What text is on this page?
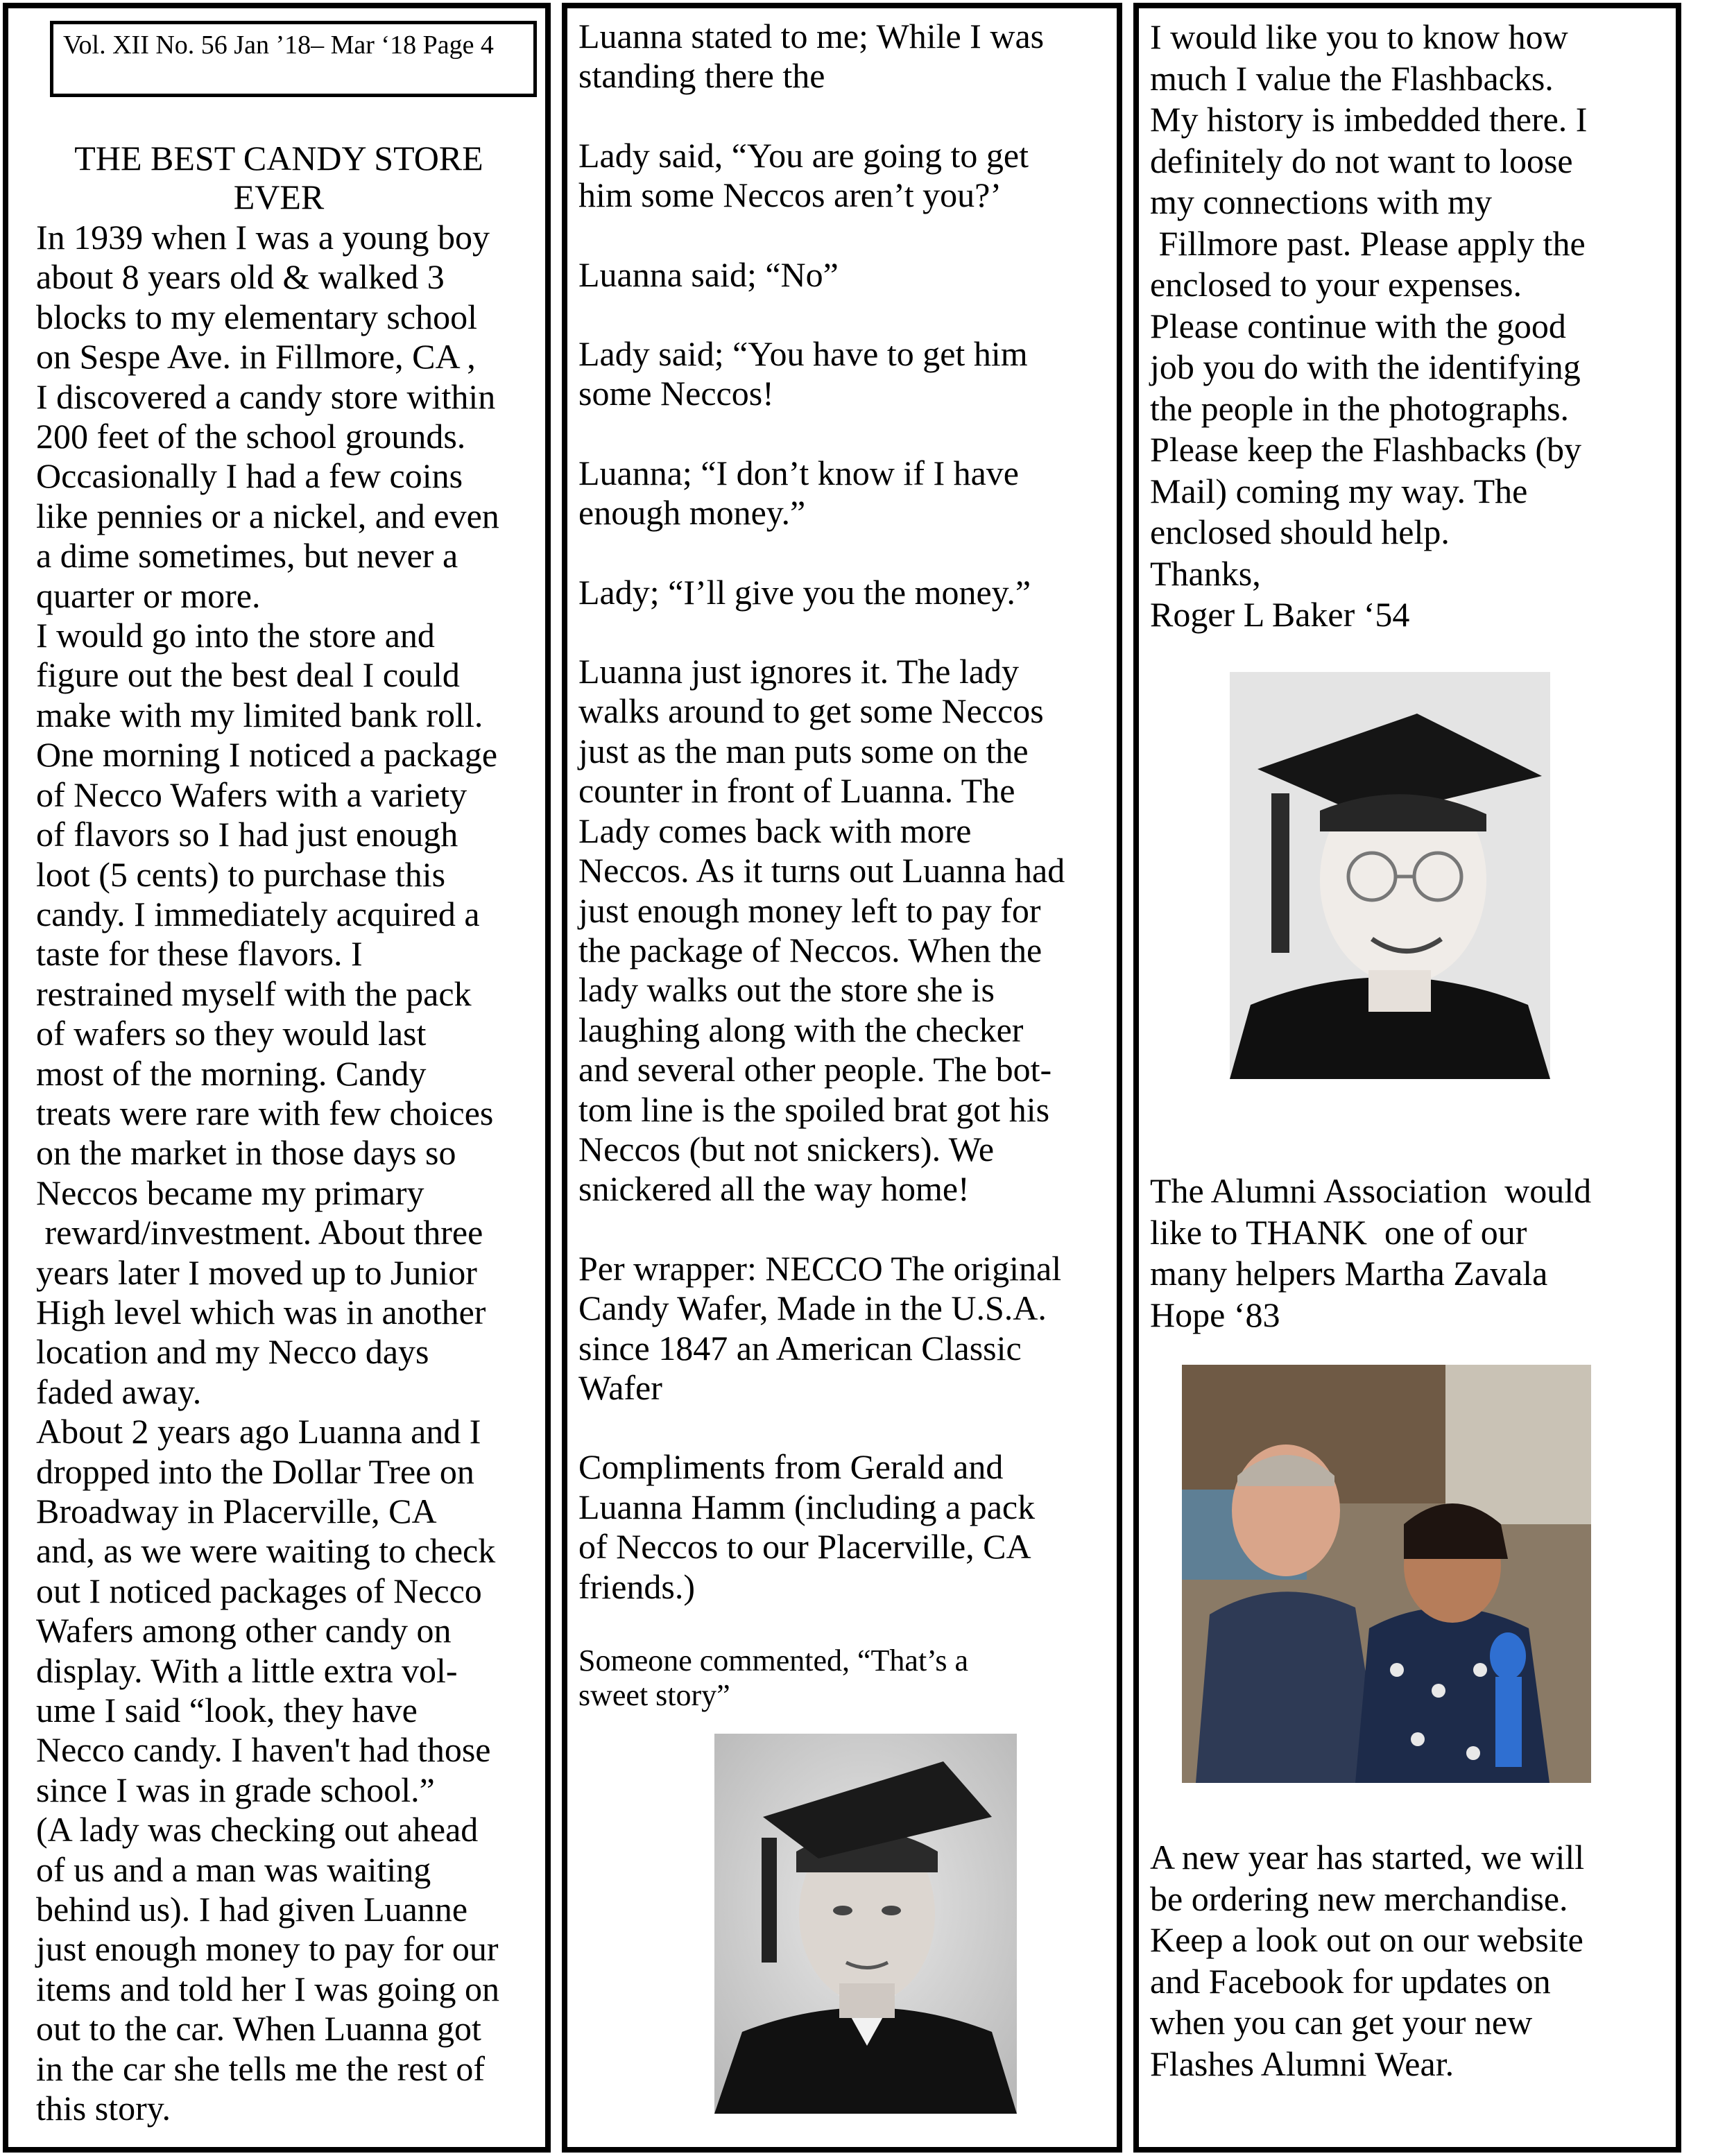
Vol. XII No. 56 Jan ’18– Mar ‘18 Page 4
THE BEST CANDY STORE
EVER
In 1939 when I was a young boy
about 8 years old & walked 3
blocks to my elementary school
on Sespe Ave. in Fillmore, CA ,
I discovered a candy store within
200 feet of the school grounds.
Occasionally I had a few coins
like pennies or a nickel, and even
a dime sometimes, but never a
quarter or more.
I would go into the store and
figure out the best deal I could
make with my limited bank roll.
One morning I noticed a package
of Necco Wafers with a variety
of flavors so I had just enough
loot (5 cents) to purchase this
candy. I immediately acquired a
taste for these flavors. I
restrained myself with the pack
of wafers so they would last
most of the morning. Candy
treats were rare with few choices
on the market in those days so
Neccos became my primary
reward/investment. About three
years later I moved up to Junior
High level which was in another
location and my Necco days
faded away.
About 2 years ago Luanna and I
dropped into the Dollar Tree on
Broadway in Placerville, CA
and, as we were waiting to check
out I noticed packages of Necco
Wafers among other candy on
display. With a little extra vol-
ume I said “look, they have
Necco candy. I haven't had those
since I was in grade school.”
(A lady was checking out ahead
of us and a man was waiting
behind us). I had given Luanne
just enough money to pay for our
items and told her I was going on
out to the car. When Luanna got
in the car she tells me the rest of
this story.

Luanna stated to me; While I was
standing there the

Lady said, “You are going to get
him some Neccos aren’t you?’

Luanna said; “No”

Lady said; “You have to get him
some Neccos!

Luanna; “I don’t know if I have
enough money.”

Lady; “I’ll give you the money.”

Luanna just ignores it. The lady
walks around to get some Neccos
just as the man puts some on the
counter in front of Luanna. The
Lady comes back with more
Neccos. As it turns out Luanna had
just enough money left to pay for
the package of Neccos. When the
lady walks out the store she is
laughing along with the checker
and several other people. The bot-
tom line is the spoiled brat got his
Neccos (but not snickers). We
snickered all the way home!

Per wrapper: NECCO The original
Candy Wafer, Made in the U.S.A.
since 1847 an American Classic
Wafer

Compliments from Gerald and
Luanna Hamm (including a pack
of Neccos to our Placerville, CA
friends.)

Someone commented, “That’s a
sweet story”
I would like you to know how
much I value the Flashbacks.
My history is imbedded there. I
definitely do not want to loose
my connections with my
Fillmore past. Please apply the
enclosed to your expenses.
Please continue with the good
job you do with the identifying
the people in the photographs.
Please keep the Flashbacks (by
Mail) coming my way. The
enclosed should help.
Thanks,
Roger L Baker ‘54
The Alumni Association  would
like to THANK  one of our
many helpers Martha Zavala
Hope ‘83
A new year has started, we will
be ordering new merchandise.
Keep a look out on our website
and Facebook for updates on
when you can get your new
Flashes Alumni Wear.
